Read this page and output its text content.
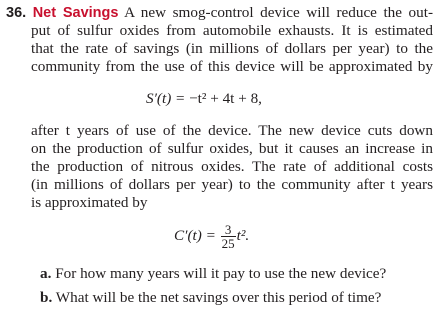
36. Net Savings A new smog-control device will reduce the out-
put of sulfur oxides from automobile exhausts. It is estimated
that the rate of savings (in millions of dollars per year) to the
community from the use of this device will be approximated by
S′(t) = −t² + 4t + 8,
after t years of use of the device. The new device cuts down
on the production of sulfur oxides, but it causes an increase in
the production of nitrous oxides. The rate of additional costs
(in millions of dollars per year) to the community after t years
is approximated by
$C'(t) = \frac{3}{25} t^2$.
a. For how many years will it pay to use the new device?
b. What will be the net savings over this period of time?
